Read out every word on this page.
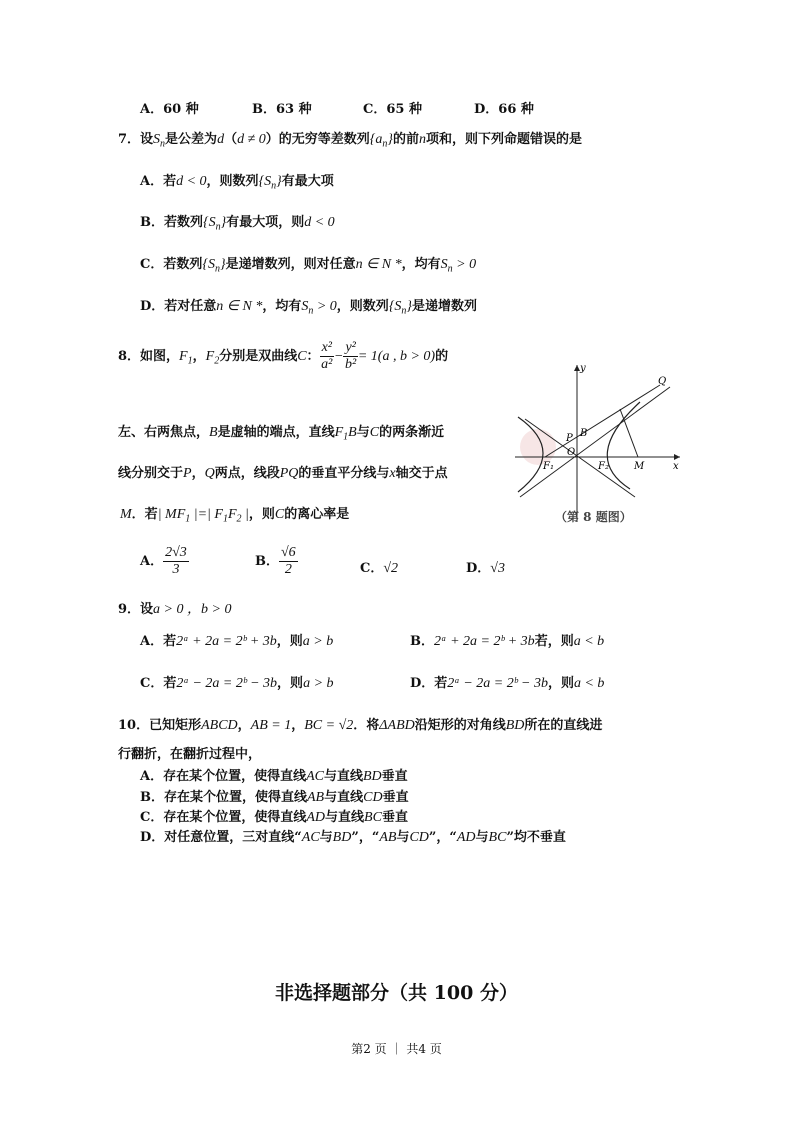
A．60 种	B．63 种	C．65 种	D．66 种
7．设$S_n$是公差为d（d ≠ 0）的无穷等差数列$\{a_n\}$的前n项和，则下列命题错误的是
A．若d < 0，则数列$\{S_n\}$有最大项
B．若数列$\{S_n\}$有最大项，则d < 0
C．若数列$\{S_n\}$是递增数列，则对任意n ∈ N *，均有$S_n > 0$
D．若对任意n ∈ N *，均有$S_n > 0$，则数列$\{S_n\}$是递增数列
8．如图，$F_1$，$F_2$分别是双曲线C： $\frac{\text{x²}}{\text{a²}} - \frac{\text{y²}}{\text{b²}} = 1(a$ , b > 0)的
左、右两焦点，B是虚轴的端点，直线$F_1B$与C的两条渐近
线分别交于P，Q两点，线段PQ的垂直平分线与x轴交于点
M．若| $MF_1$ |=| $F_1F_2$ |，则C的离心率是
y
Q
B
P
F₁
O
F₂	M	x
（第 8 题图）
A． $\frac{2√3}{3}$	B． $\frac{√6}{2}$	C．√2	D．√3
9．设a > 0 ，b > 0
A．若2ᵃ + 2a = 2ᵇ + 3b，则a > b	B．2ᵃ + 2a = 2ᵇ + 3b若，则a < b
C．若2ᵃ − 2a = 2ᵇ − 3b，则a > b	D．若2ᵃ − 2a = 2ᵇ − 3b，则a < b
10．已知矩形ABCD，AB = 1，BC = √2．将ΔABD沿矩形的对角线BD所在的直线进
行翻折，在翻折过程中，
A．存在某个位置，使得直线AC与直线BD垂直
B．存在某个位置，使得直线AB与直线CD垂直
C．存在某个位置，使得直线AD与直线BC垂直
D．对任意位置，三对直线“AC与BD”，“AB与CD”，“AD与BC”均不垂直
非选择题部分（共 100 分）
第2 页 ｜ 共4 页
